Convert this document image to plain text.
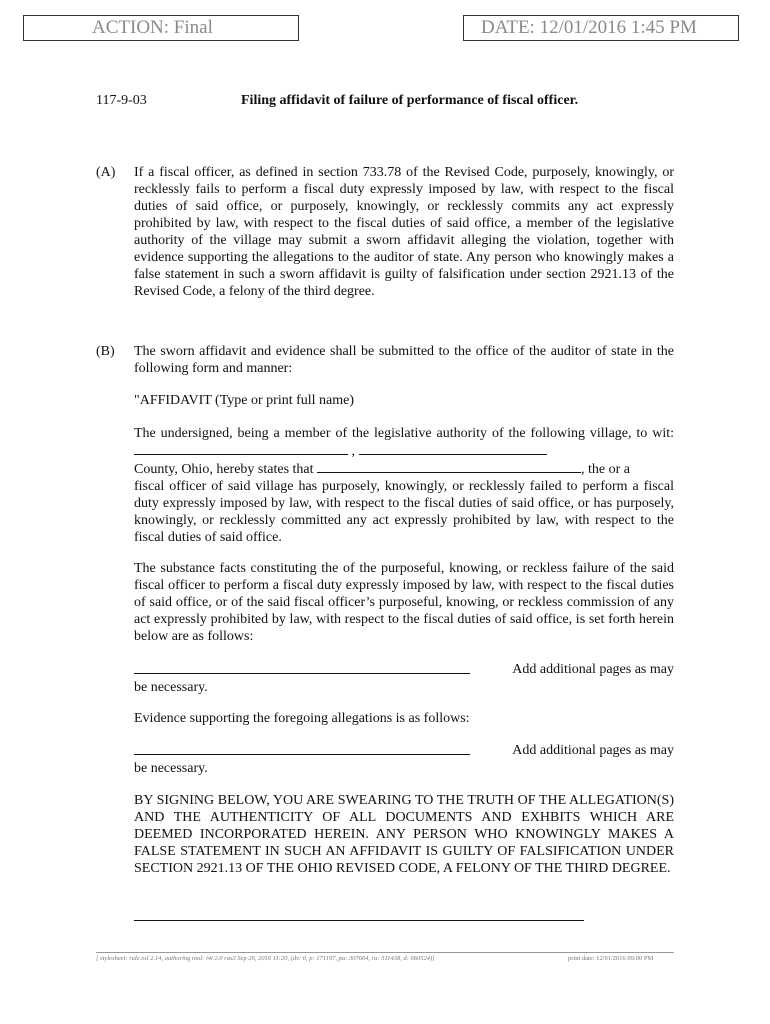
ACTION: Final	DATE: 12/01/2016 1:45 PM
117-9-03	Filing affidavit of failure of performance of fiscal officer.
(A) If a fiscal officer, as defined in section 733.78 of the Revised Code, purposely, knowingly, or recklessly fails to perform a fiscal duty expressly imposed by law, with respect to the fiscal duties of said office, or purposely, knowingly, or recklessly commits any act expressly prohibited by law, with respect to the fiscal duties of said office, a member of the legislative authority of the village may submit a sworn affidavit alleging the violation, together with evidence supporting the allegations to the auditor of state. Any person who knowingly makes a false statement in such a sworn affidavit is guilty of falsification under section 2921.13 of the Revised Code, a felony of the third degree.

(B) The sworn affidavit and evidence shall be submitted to the office of the auditor of state in the following form and manner:

"AFFIDAVIT (Type or print full name)
The undersigned, being a member of the legislative authority of the following village, to wit:  ,
County, Ohio, hereby states that	, the or a
fiscal officer of said village has purposely, knowingly, or recklessly failed to perform a fiscal duty expressly imposed by law, with respect to the fiscal duties of said office, or has purposely, knowingly, or recklessly committed any act expressly prohibited by law, with respect to the fiscal duties of said office.
The substance facts constituting the of the purposeful, knowing, or reckless failure of the said fiscal officer to perform a fiscal duty expressly imposed by law, with respect to the fiscal duties of said office, or of the said fiscal officer’s purposeful, knowing, or reckless commission of any act expressly prohibited by law, with respect to the fiscal duties of said office, is set forth herein below are as follows:
Add additional pages as may

be necessary.
Evidence supporting the foregoing allegations is as follows:
Add additional pages as may

be necessary.
BY SIGNING BELOW, YOU ARE SWEARING TO THE TRUTH OF THE ALLEGATION(S) AND THE AUTHENTICITY OF ALL DOCUMENTS AND EXHBITS WHICH ARE DEEMED INCORPORATED HEREIN. ANY PERSON WHO KNOWINGLY MAKES A FALSE STATEMENT IN SUCH AN AFFIDAVIT IS GUILTY OF FALSIFICATION UNDER SECTION 2921.13 OF THE OHIO REVISED CODE, A FELONY OF THE THIRD DEGREE.
[ stylesheet: rule.xsl 2.14, authoring tool: i4i 2.0 ras3 Sep 26, 2016 11:20, (dv: 0, p: 171197, pa: 307664, ra: 511438, d: 660524)]	print date: 12/01/2016 09:00 PM
